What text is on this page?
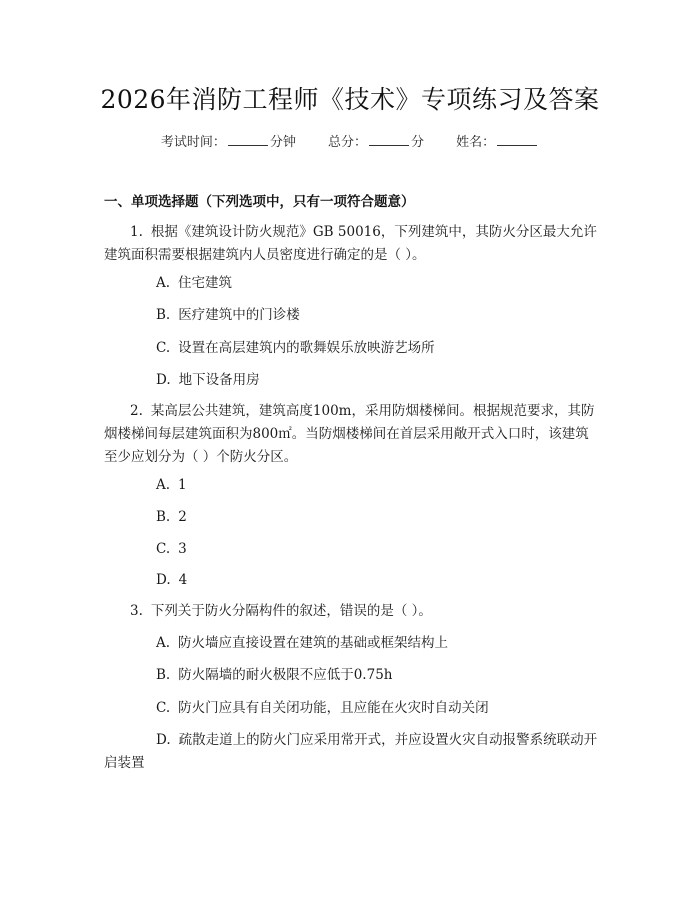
2026年消防工程师《技术》专项练习及答案
考试时间：	分钟 总分：	分 姓名：
一、单项选择题（下列选项中，只有一项符合题意）
1. 根据《建筑设计防火规范》GB 50016，下列建筑中，其防火分区最大允许建筑面积需要根据建筑内人员密度进行确定的是（ ）。
A. 住宅建筑
B. 医疗建筑中的门诊楼
C. 设置在高层建筑内的歌舞娱乐放映游艺场所
D. 地下设备用房
2. 某高层公共建筑，建筑高度100m，采用防烟楼梯间。根据规范要求，其防烟楼梯间每层建筑面积为800㎡。当防烟楼梯间在首层采用敞开式入口时，该建筑至少应划分为（ ）个防火分区。
A. 1
B. 2
C. 3
D. 4
3. 下列关于防火分隔构件的叙述，错误的是（ ）。
A. 防火墙应直接设置在建筑的基础或框架结构上
B. 防火隔墙的耐火极限不应低于0.75h
C. 防火门应具有自关闭功能，且应能在火灾时自动关闭
D. 疏散走道上的防火门应采用常开式，并应设置火灾自动报警系统联动开启装置
